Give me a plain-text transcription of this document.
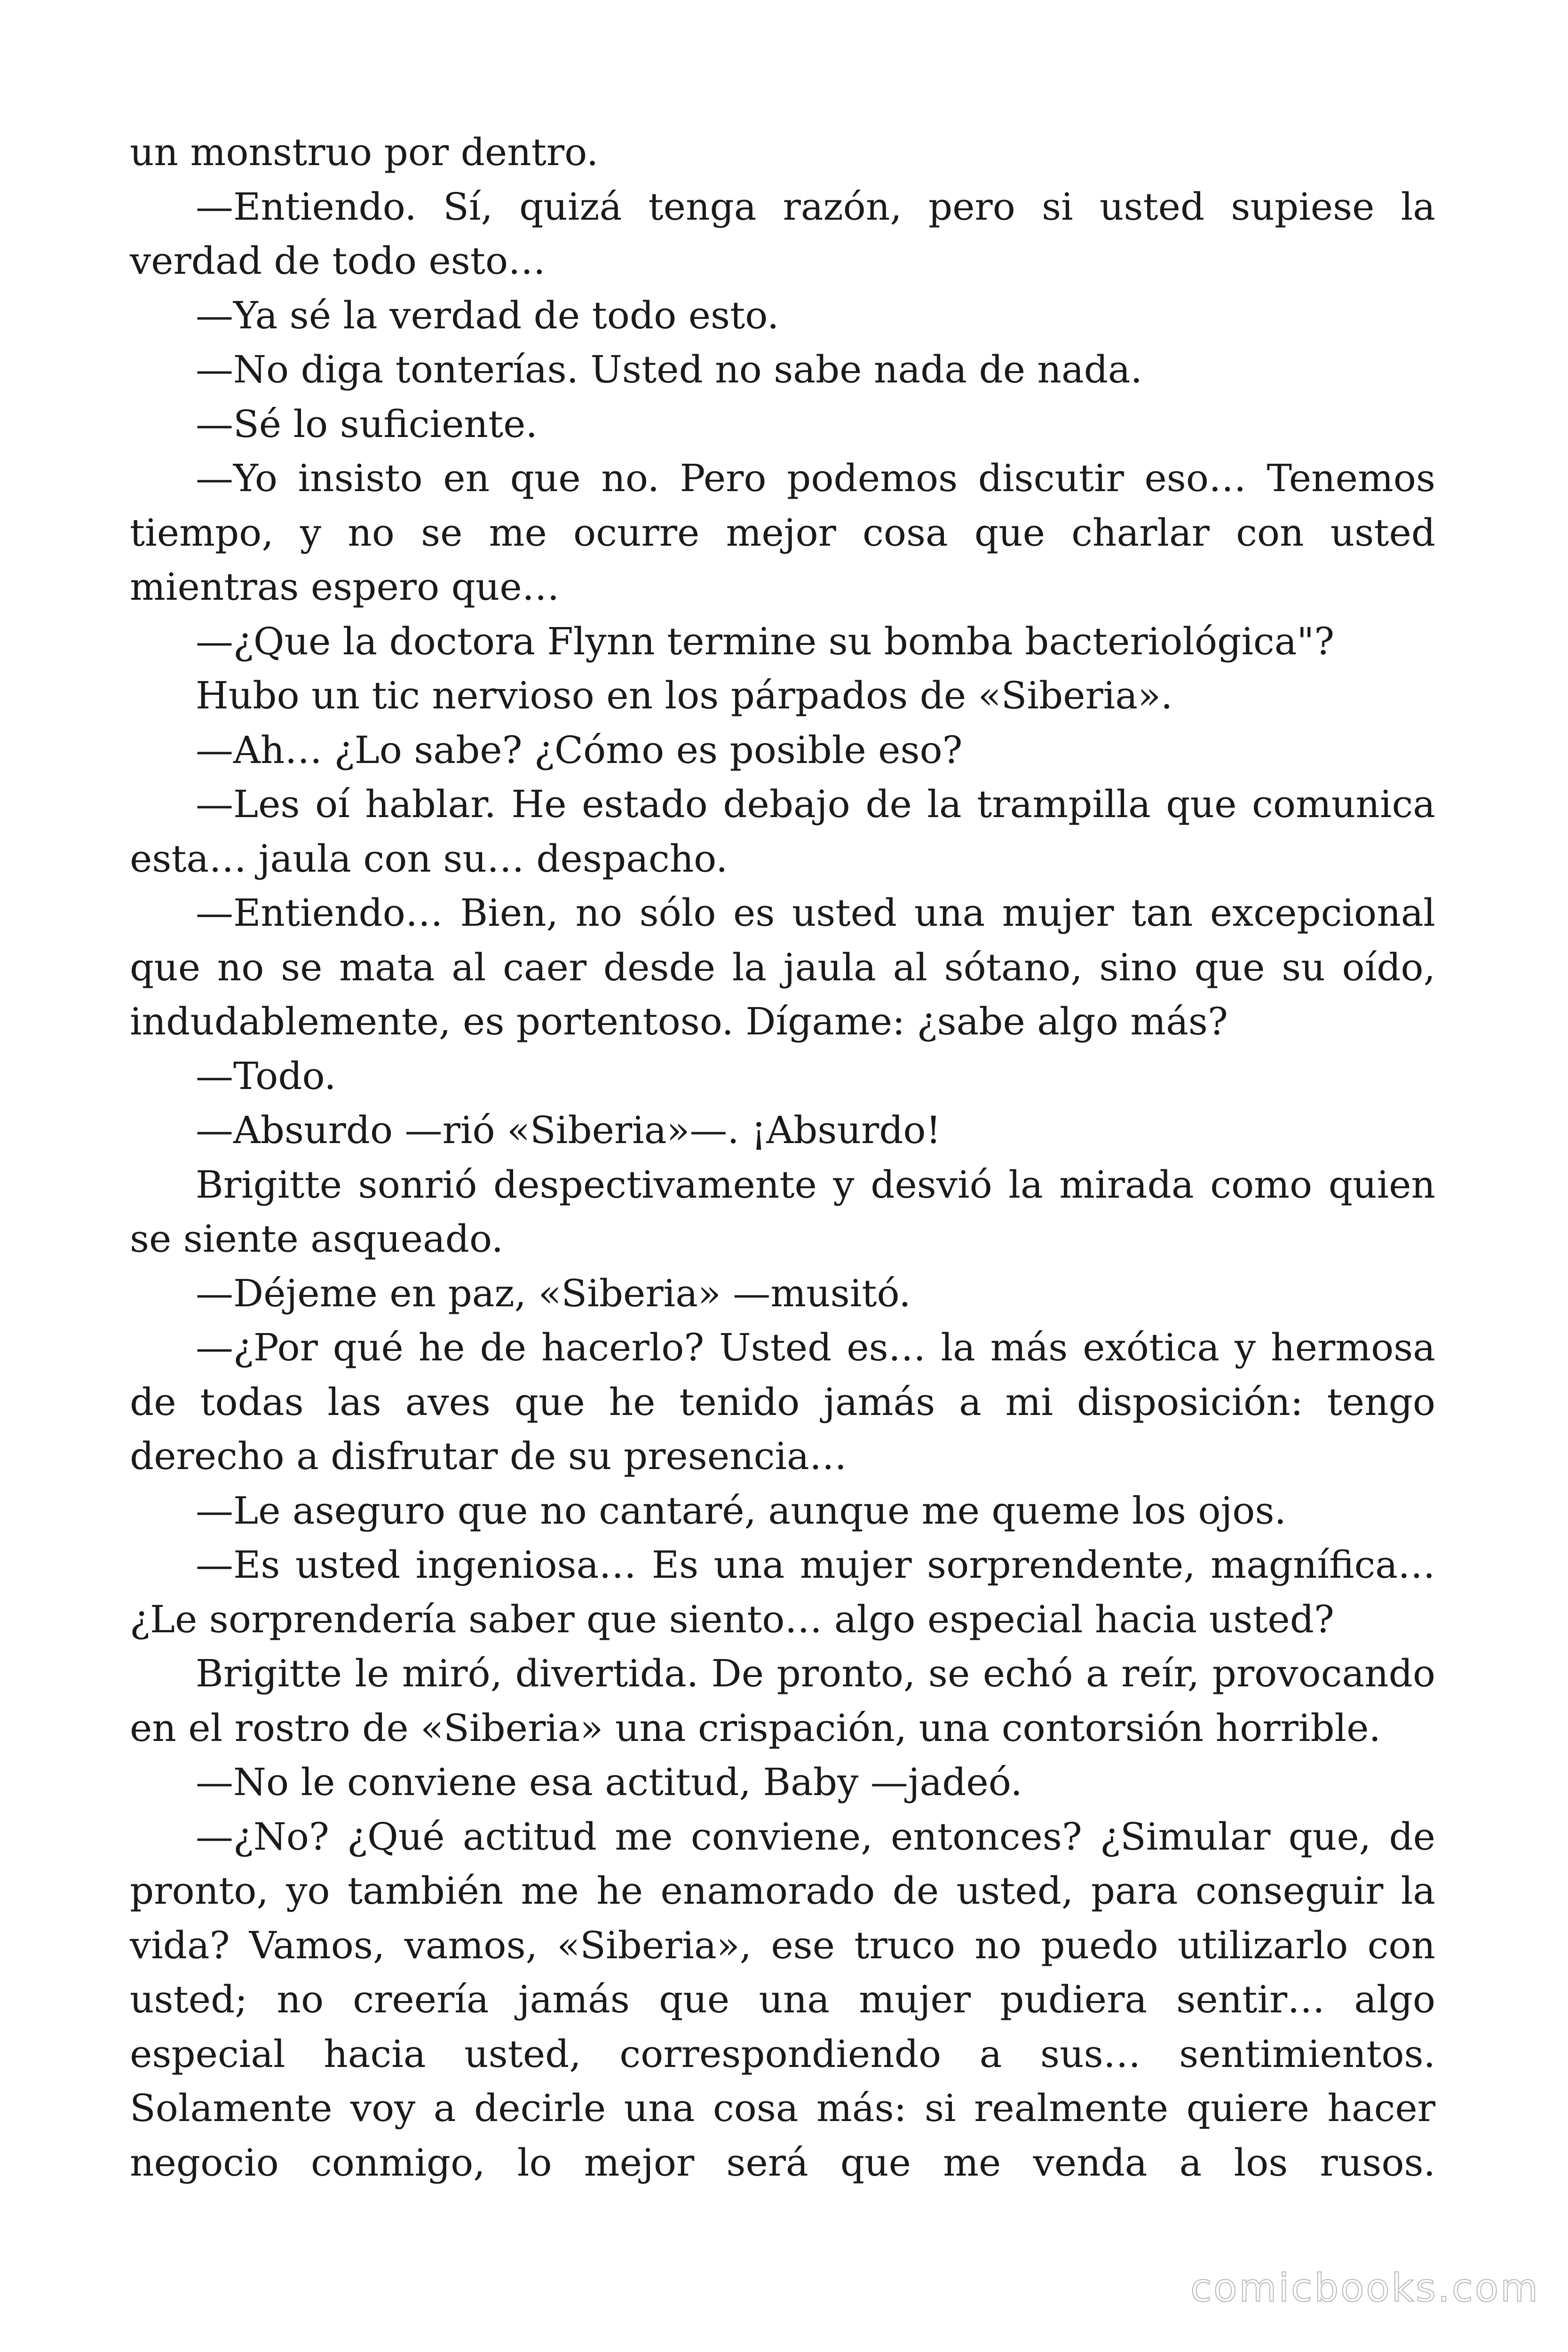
un monstruo por dentro.

—Entiendo. Sí, quizá tenga razón, pero si usted supiese la verdad de todo esto…

—Ya sé la verdad de todo esto.

—No diga tonterías. Usted no sabe nada de nada.

—Sé lo suficiente.

—Yo insisto en que no. Pero podemos discutir eso… Tenemos tiempo, y no se me ocurre mejor cosa que charlar con usted mientras espero que…

—¿Que la doctora Flynn termine su bomba bacteriológica"?

Hubo un tic nervioso en los párpados de «Siberia».

—Ah… ¿Lo sabe? ¿Cómo es posible eso?

—Les oí hablar. He estado debajo de la trampilla que comunica esta… jaula con su… despacho.

—Entiendo… Bien, no sólo es usted una mujer tan excepcional que no se mata al caer desde la jaula al sótano, sino que su oído, indudablemente, es portentoso. Dígame: ¿sabe algo más?

—Todo.

—Absurdo —rió «Siberia»—. ¡Absurdo!

Brigitte sonrió despectivamente y desvió la mirada como quien se siente asqueado.

—Déjeme en paz, «Siberia» —musitó.

—¿Por qué he de hacerlo? Usted es… la más exótica y hermosa de todas las aves que he tenido jamás a mi disposición: tengo derecho a disfrutar de su presencia…

—Le aseguro que no cantaré, aunque me queme los ojos.

—Es usted ingeniosa… Es una mujer sorprendente, magnífica… ¿Le sorprendería saber que siento… algo especial hacia usted?

Brigitte le miró, divertida. De pronto, se echó a reír, provocando en el rostro de «Siberia» una crispación, una contorsión horrible.

—No le conviene esa actitud, Baby —jadeó.

—¿No? ¿Qué actitud me conviene, entonces? ¿Simular que, de pronto, yo también me he enamorado de usted, para conseguir la vida? Vamos, vamos, «Siberia», ese truco no puedo utilizarlo con usted; no creería jamás que una mujer pudiera sentir… algo especial hacia usted, correspondiendo a sus… sentimientos. Solamente voy a decirle una cosa más: si realmente quiere hacer negocio conmigo, lo mejor será que me venda a los rusos.

comicbooks.com
